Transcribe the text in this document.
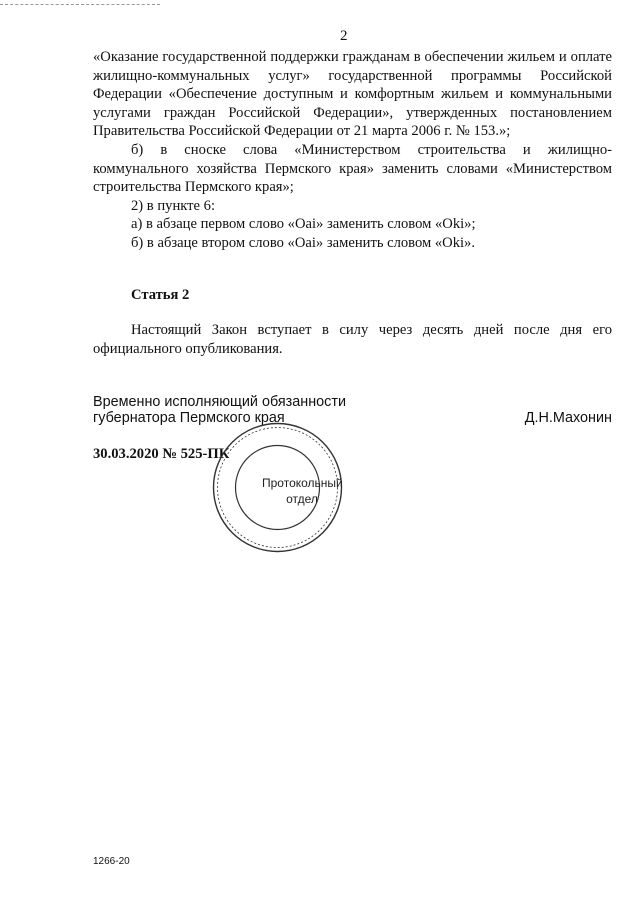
2

«Оказание государственной поддержки гражданам в обеспечении жильем и оплате жилищно-коммунальных услуг» государственной программы Российской Федерации «Обеспечение доступным и комфортным жильем и коммунальными услугами граждан Российской Федерации», утвержденных постановлением Правительства Российской Федерации от 21 марта 2006 г. № 153.»;

б) в сноске слова «Министерством строительства и жилищно-коммунального хозяйства Пермского края» заменить словами «Министерством строительства Пермского края»;

2) в пункте 6:

а) в абзаце первом слово «Оаі» заменить словом «Okі»;

б) в абзаце втором слово «Оаі» заменить словом «Okі».

Статья 2
Настоящий Закон вступает в силу через десять дней после дня его официального опубликования.
Временно исполняющий обязанности
губернатора Пермского края	Д.Н.Махонин
30.03.2020 № 525-ПК
Протокольный
отдел
1266-20
